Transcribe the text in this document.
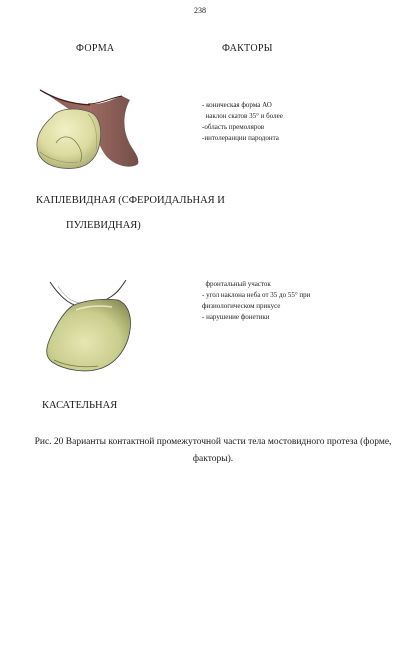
238
ФОРМА	ФАКТОРЫ
- коническая форма АО
наклон скатов 35° и более
-область премоляров
-интолеранции пародонта
КАПЛЕВИДНАЯ (СФЕРОИДАЛЬНАЯ И
ПУЛЕВИДНАЯ)
фронтальный участок
- угол наклона неба от 35 до 55° при
физиологическом прикусе
- нарушение фонетики
КАСАТЕЛЬНАЯ
Рис. 20 Варианты контактной промежуточной части тела мостовидного протеза (форме, факторы).
